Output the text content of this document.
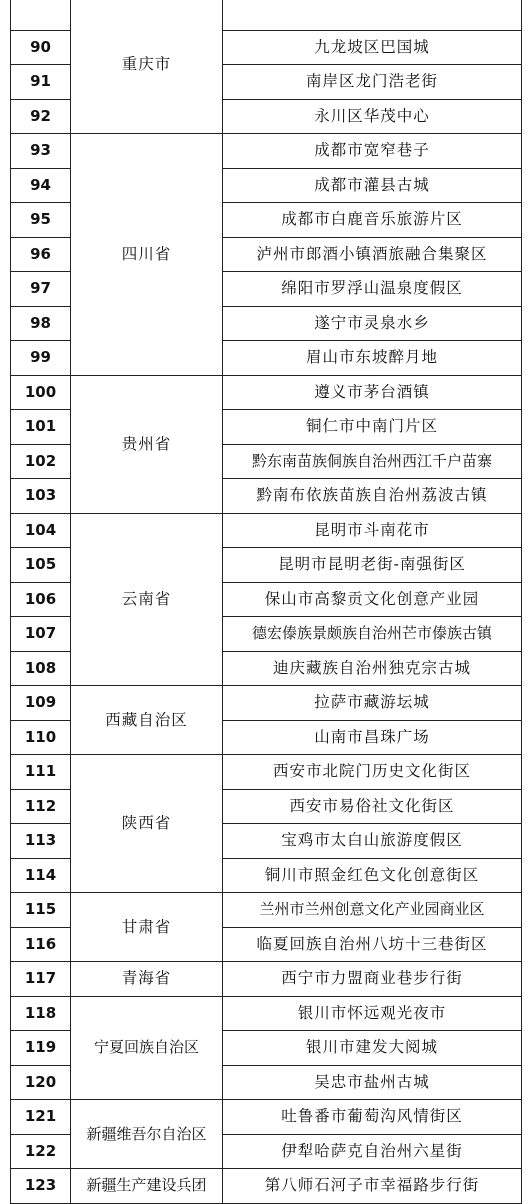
	重庆市	
90		九龙坡区巴国城
91		南岸区龙门浩老街
92		永川区华茂中心
93	四川省	成都市宽窄巷子
94		成都市灌县古城
95		成都市白鹿音乐旅游片区
96		泸州市郎酒小镇酒旅融合集聚区
97		绵阳市罗浮山温泉度假区
98		遂宁市灵泉水乡
99		眉山市东坡醉月地
100	贵州省	遵义市茅台酒镇
101		铜仁市中南门片区
102		黔东南苗族侗族自治州西江千户苗寨
103		黔南布依族苗族自治州荔波古镇
104	云南省	昆明市斗南花市
105		昆明市昆明老街-南强街区
106		保山市高黎贡文化创意产业园
107		德宏傣族景颇族自治州芒市傣族古镇
108		迪庆藏族自治州独克宗古城
109	西藏自治区	拉萨市藏游坛城
110		山南市昌珠广场
111	陕西省	西安市北院门历史文化街区
112		西安市易俗社文化街区
113		宝鸡市太白山旅游度假区
114		铜川市照金红色文化创意街区
115	甘肃省	兰州市兰州创意文化产业园商业区
116		临夏回族自治州八坊十三巷街区
117	青海省	西宁市力盟商业巷步行街
118	宁夏回族自治区	银川市怀远观光夜市
119		银川市建发大阅城
120		吴忠市盐州古城
121	新疆维吾尔自治区	吐鲁番市葡萄沟风情街区
122		伊犁哈萨克自治州六星街
123	新疆生产建设兵团	第八师石河子市幸福路步行街
